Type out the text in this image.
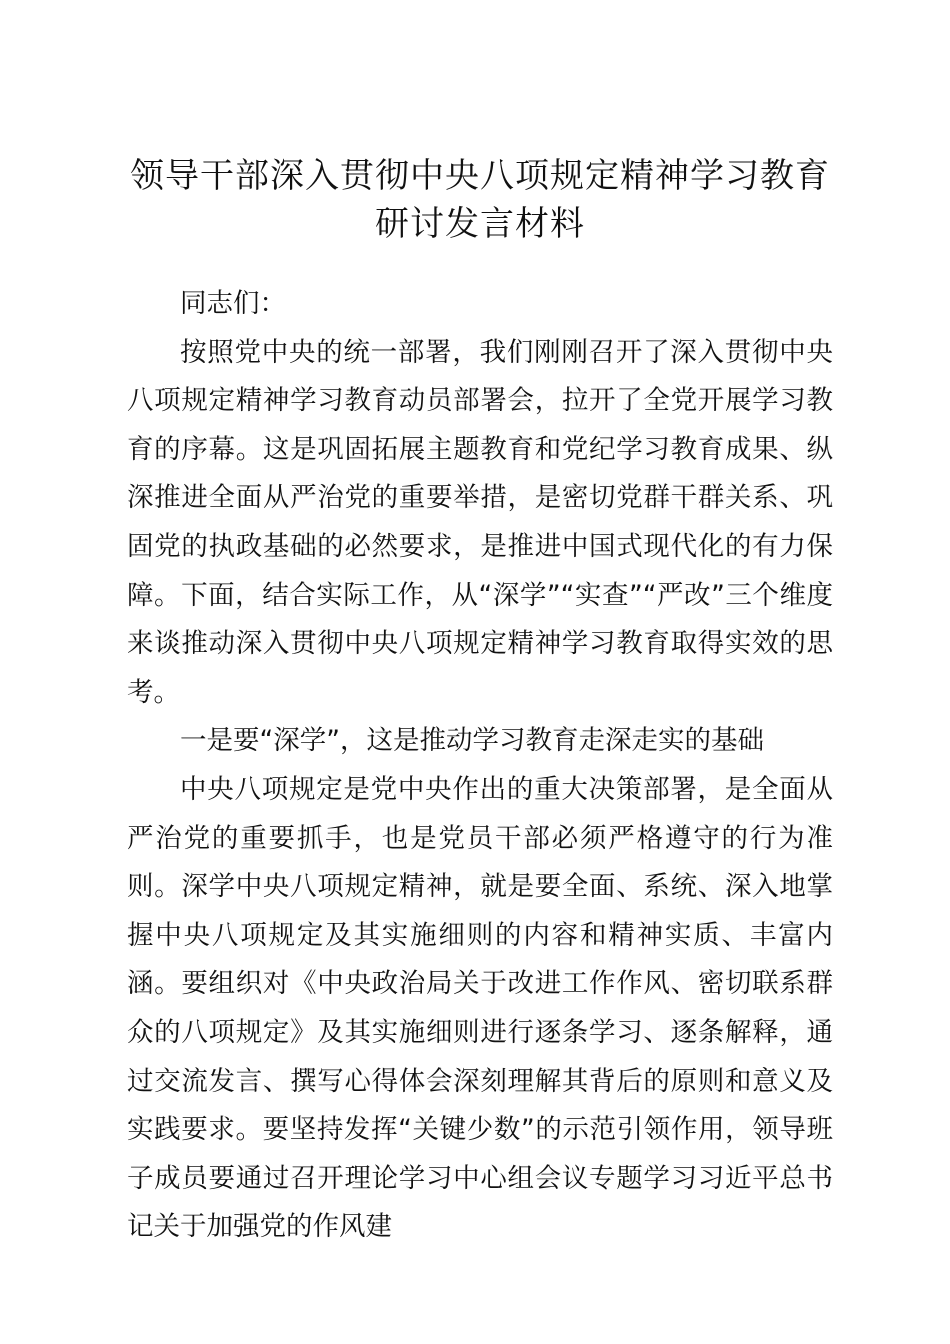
领导干部深入贯彻中央八项规定精神学习教育
研讨发言材料

同志们：

按照党中央的统一部署，我们刚刚召开了深入贯彻中央八项规定精神学习教育动员部署会，拉开了全党开展学习教育的序幕。这是巩固拓展主题教育和党纪学习教育成果、纵深推进全面从严治党的重要举措，是密切党群干群关系、巩固党的执政基础的必然要求，是推进中国式现代化的有力保障。下面，结合实际工作，从“深学”“实查”“严改”三个维度来谈推动深入贯彻中央八项规定精神学习教育取得实效的思考。

一是要“深学”，这是推动学习教育走深走实的基础

中央八项规定是党中央作出的重大决策部署，是全面从严治党的重要抓手，也是党员干部必须严格遵守的行为准则。深学中央八项规定精神，就是要全面、系统、深入地掌握中央八项规定及其实施细则的内容和精神实质、丰富内涵。要组织对《中央政治局关于改进工作作风、密切联系群众的八项规定》及其实施细则进行逐条学习、逐条解释，通过交流发言、撰写心得体会深刻理解其背后的原则和意义及实践要求。要坚持发挥“关键少数”的示范引领作用，领导班子成员要通过召开理论学习中心组会议专题学习习近平总书记关于加强党的作风建
